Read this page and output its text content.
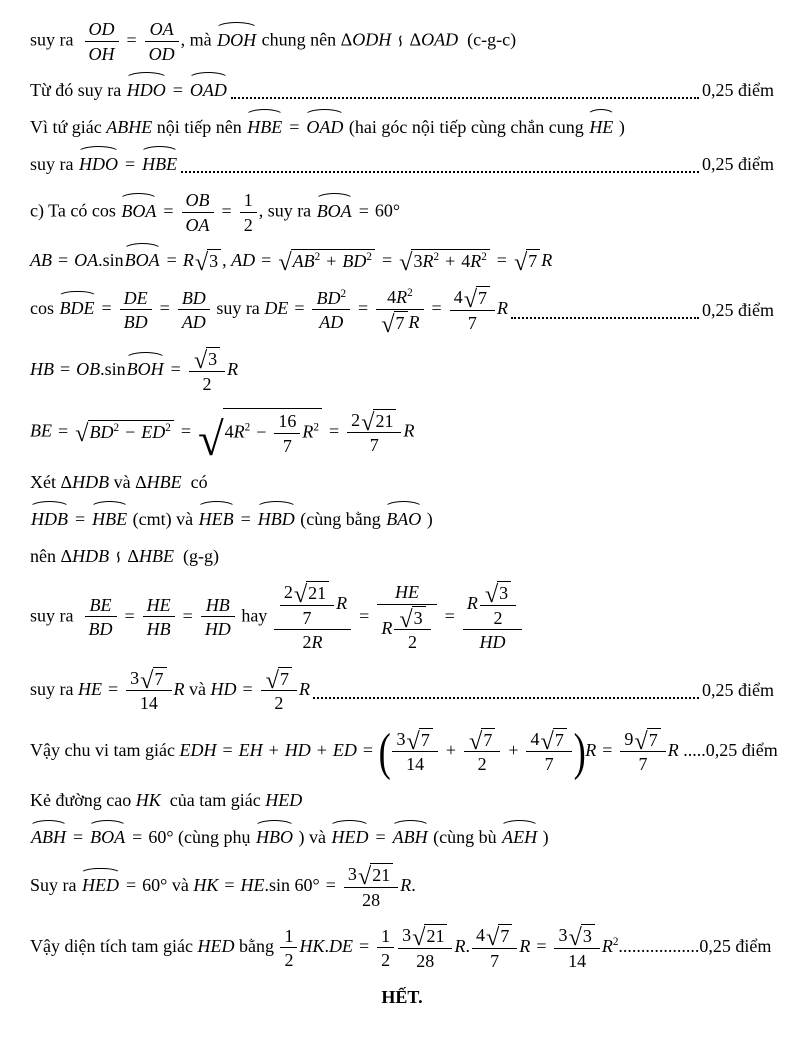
suy ra $\frac{OD}{OH} = \frac{OA}{OD}$ , mà DOH chung nên ΔODH∽ΔOAD  (c-g-c)
Từ đó suy ra HDO = OAD	0,25 điểm
Vì tứ giác ABHE nội tiếp nên HBE = OAD (hai góc nội tiếp cùng chắn cung HE )
suy ra HDO = HBE	0,25 điểm
c) Ta có cos BOA = $\frac{OB}{OA} = \frac{1}{2}$ , suy ra BOA = 60°
AB = OA.sinBOA = R √ 3 , AD = √ $AB^2 + BD^2$ = √ $3R^2 + 4R^2$ = √ 7 R
cos BDE = $\frac{DE}{BD} = \frac{BD}{AD}$ suy ra DE = $\frac{BD^2}{AD} = \frac{4R^2}{√ 7 R} = \frac{4 √ 7}{7}$ R	0,25 điểm
HB = OB.sinBOH = $\frac{√ 3}{2}$ R
BE = √ $BD^2 - ED^2$ = √ $4R^2 - \frac{16}{7} R^2 = \frac{2 √ 21}{7}$ R
Xét ΔHDB và ΔHBE  có
HDB = HBE (cmt) và HEB = HBD (cùng bằng BAO )
nên ΔHDB∽ΔHBE  (g-g)
suy ra $\frac{BE}{BD} = \frac{HE}{HB} = \frac{HB}{HD}$ hay $\frac{\frac{2 √ 21}{7} R}{2R} = \frac{HE}{R \frac{√ 3}{2}} = \frac{R \frac{√ 3}{2}}{HD}$
suy ra HE = $\frac{3 √ 7}{14}$ R và HD = $\frac{√ 7}{2}$ R	0,25 điểm
Vậy chu vi tam giác EDH = EH + HD + ED = ( $\frac{3 √ 7}{14} + \frac{√ 7}{2} + \frac{4 √ 7}{7} )R = \frac{9 √ 7}{7}$ R .....0,25 điểm
Kẻ đường cao HK  của tam giác HED
ABH = BOA = 60° (cùng phụ HBO ) và HED = ABH (cùng bù AEH )
Suy ra HED = 60° và HK = HE.sin $60^\circ = \frac{3 √ 21}{28} R$.
Vậy diện tích tam giác HED bằng $\frac{1}{2} HK.DE = \frac{1}{2} \frac{3 √ 21}{28} R$. $\frac{4 √ 7}{7}$ $R = \frac{3 √ 3}{14} R^2..................0,25$ điểm
HẾT.
